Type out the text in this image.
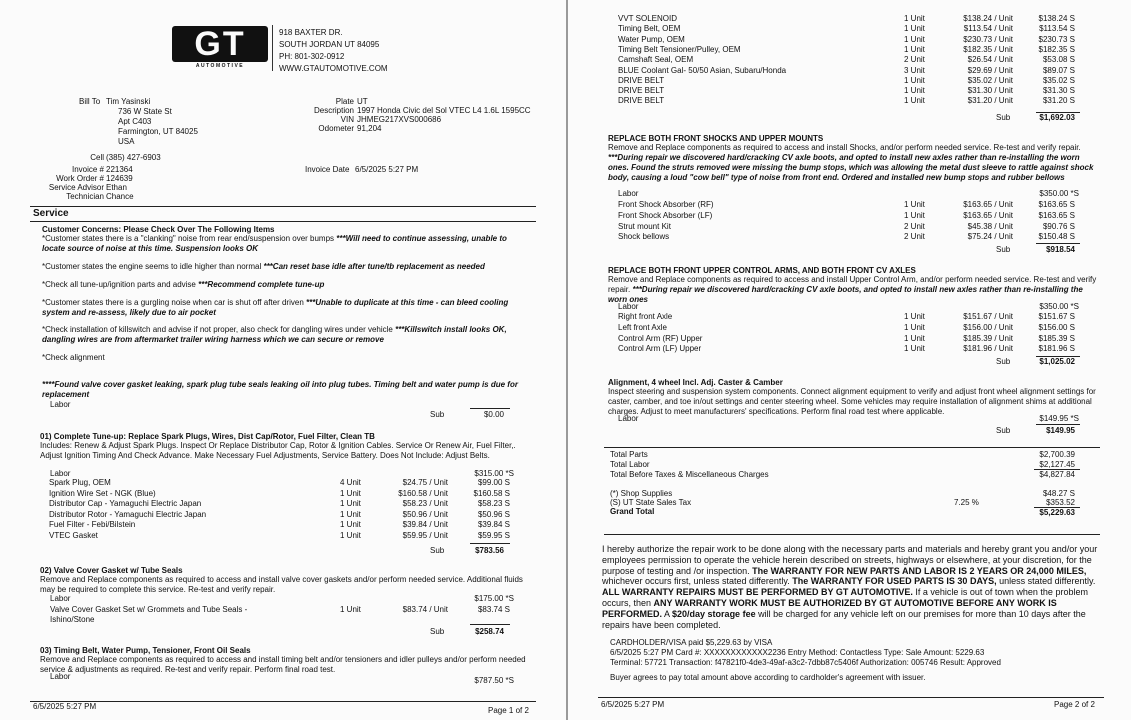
GT
AUTOMOTIVE
918 BAXTER DR.
SOUTH JORDAN UT 84095
PH: 801-302-0912
WWW.GTAUTOMOTIVE.COM
Bill To Tim Yasinski
736 W State St
Apt C403
Farmington, UT 84025
USA
Plate UT
Description 1997 Honda Civic del Sol VTEC L4 1.6L 1595CC
VIN JHMEG217XVS000686
Odometer 91,204
Cell (385) 427-6903
Invoice # 221364
Work Order # 124639
Service Advisor Ethan
Technician Chance
Invoice Date 6/5/2025 5:27 PM
Service
Customer Concerns: Please Check Over The Following Items
*Customer states there is a "clanking" noise from rear end/suspension over bumps ***Will need to continue assessing, unable to locate source of noise at this time. Suspension looks OK
*Customer states the engine seems to idle higher than normal ***Can reset base idle after tune/tb replacement as needed
*Check all tune-up/ignition parts and advise ***Recommend complete tune-up
*Customer states there is a gurgling noise when car is shut off after driven ***Unable to duplicate at this time - can bleed cooling system and re-assess, likely due to air pocket
*Check installation of killswitch and advise if not proper, also check for dangling wires under vehicle ***Killswitch install looks OK, dangling wires are from aftermarket trailer wiring harness which we can secure or remove
*Check alignment
****Found valve cover gasket leaking, spark plug tube seals leaking oil into plug tubes. Timing belt and water pump is due for replacement
Labor
Sub	$0.00
01) Complete Tune-up: Replace Spark Plugs, Wires, Dist Cap/Rotor, Fuel Filter, Clean TB
Includes: Renew & Adjust Spark Plugs. Inspect Or Replace Distributor Cap, Rotor & Ignition Cables. Service Or Renew Air, Fuel Filter,. Adjust Ignition Timing And Check Advance. Make Necessary Fuel Adjustments, Service Battery. Does Not Include: Adjust Belts.
Labor	$315.00 *S
Spark Plug, OEM	4 Unit	$24.75 / Unit	$99.00 S
Ignition Wire Set - NGK (Blue)	1 Unit	$160.58 / Unit	$160.58 S
Distributor Cap - Yamaguchi Electric Japan	1 Unit	$58.23 / Unit	$58.23 S
Distributor Rotor - Yamaguchi Electric Japan	1 Unit	$50.96 / Unit	$50.96 S
Fuel Filter - Febi/Bilstein	1 Unit	$39.84 / Unit	$39.84 S
VTEC Gasket	1 Unit	$59.95 / Unit	$59.95 S
Sub	$783.56
02) Valve Cover Gasket w/ Tube Seals
Remove and Replace components as required to access and install valve cover gaskets and/or perform needed service. Additional fluids may be required to complete this service. Re-test and verify repair.
Labor	$175.00 *S
Valve Cover Gasket Set w/ Grommets and Tube Seals -
Ishino/Stone
1 Unit	$83.74 / Unit	$83.74 S
Sub	$258.74
03) Timing Belt, Water Pump, Tensioner, Front Oil Seals
Remove and Replace components as required to access and install timing belt and/or tensioners and idler pulleys and/or perform needed service & adjustments as required. Re-test and verify repair. Perform final road test.
Labor	$787.50 *S
6/5/2025 5:27 PM	Page 1 of 2
VVT SOLENOID	1 Unit	$138.24 / Unit	$138.24 S
Timing Belt, OEM	1 Unit	$113.54 / Unit	$113.54 S
Water Pump, OEM	1 Unit	$230.73 / Unit	$230.73 S
Timing Belt Tensioner/Pulley, OEM	1 Unit	$182.35 / Unit	$182.35 S
Camshaft Seal, OEM	2 Unit	$26.54 / Unit	$53.08 S
BLUE Coolant Gal- 50/50 Asian, Subaru/Honda	3 Unit	$29.69 / Unit	$89.07 S
DRIVE BELT	1 Unit	$35.02 / Unit	$35.02 S
DRIVE BELT	1 Unit	$31.30 / Unit	$31.30 S
DRIVE BELT	1 Unit	$31.20 / Unit	$31.20 S
Sub	$1,692.03
REPLACE BOTH FRONT SHOCKS AND UPPER MOUNTS
Remove and Replace components as required to access and install Shocks, and/or perform needed service. Re-test and verify repair. ***During repair we discovered hard/cracking CV axle boots, and opted to install new axles rather than re-installing the worn ones. Found the struts removed were missing the bump stops, which was allowing the metal dust sleeve to rattle against shock body, causing a loud "cow bell" type of noise from front end. Ordered and installed new bump stops and rubber bellows
Labor	$350.00 *S
Front Shock Absorber (RF)	1 Unit	$163.65 / Unit	$163.65 S
Front Shock Absorber (LF)	1 Unit	$163.65 / Unit	$163.65 S
Strut mount Kit	2 Unit	$45.38 / Unit	$90.76 S
Shock bellows	2 Unit	$75.24 / Unit	$150.48 S
Sub	$918.54
REPLACE BOTH FRONT UPPER CONTROL ARMS, AND BOTH FRONT CV AXLES
Remove and Replace components as required to access and install Upper Control Arm, and/or perform needed service. Re-test and verify repair. ***During repair we discovered hard/cracking CV axle boots, and opted to install new axles rather than re-installing the worn ones
Labor	$350.00 *S
Right front Axle	1 Unit	$151.67 / Unit	$151.67 S
Left front Axle	1 Unit	$156.00 / Unit	$156.00 S
Control Arm (RF) Upper	1 Unit	$185.39 / Unit	$185.39 S
Control Arm (LF) Upper	1 Unit	$181.96 / Unit	$181.96 S
Sub	$1,025.02
Alignment, 4 wheel Incl. Adj. Caster & Camber
Inspect steering and suspension system components. Connect alignment equipment to verify and adjust front wheel alignment settings for caster, camber, and toe in/out settings and center steering wheel. Some vehicles may require installation of alignment shims at additional charges. Adjust to meet manufacturers' specifications. Perform final road test where applicable.
Labor	$149.95 *S
Sub	$149.95
Total Parts	$2,700.39
Total Labor	$2,127.45
Total Before Taxes & Miscellaneous Charges	$4,827.84
(*) Shop Supplies	$48.27 S
(S) UT State Sales Tax	7.25 %	$353.52
Grand Total	$5,229.63
I hereby authorize the repair work to be done along with the necessary parts and materials and hereby grant you and/or your employees permission to operate the vehicle herein described on streets, highways or elsewhere, at your discretion, for the purpose of testing and /or inspection. The WARRANTY FOR NEW PARTS AND LABOR IS 2 YEARS OR 24,000 MILES, whichever occurs first, unless stated differently. The WARRANTY FOR USED PARTS IS 30 DAYS, unless stated differently. ALL WARRANTY REPAIRS MUST BE PERFORMED BY GT AUTOMOTIVE. If a vehicle is out of town when the problem occurs, then ANY WARRANTY WORK MUST BE AUTHORIZED BY GT AUTOMOTIVE BEFORE ANY WORK IS PERFORMED. A $20/day storage fee will be charged for any vehicle left on our premises for more than 10 days after the repairs have been completed.
CARDHOLDER/VISA paid $5,229.63 by VISA
6/5/2025 5:27 PM Card #: XXXXXXXXXXXX2236 Entry Method: Contactless Type: Sale Amount: 5229.63
Terminal: 57721 Transaction: f47821f0-4de3-49af-a3c2-7dbb87c5406f Authorization: 005746 Result: Approved
Buyer agrees to pay total amount above according to cardholder's agreement with issuer.
6/5/2025 5:27 PM	Page 2 of 2
